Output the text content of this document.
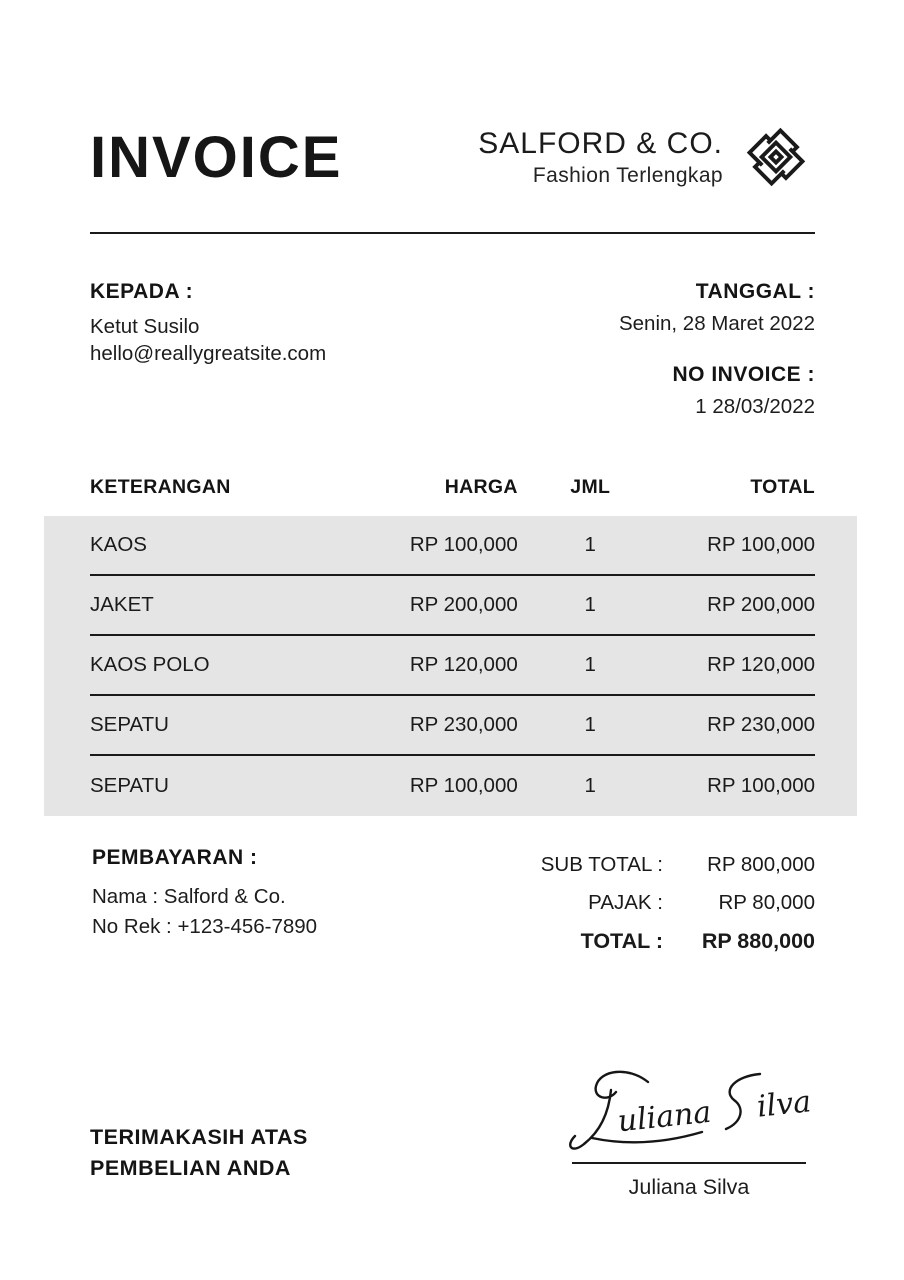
INVOICE	SALFORD & CO.
Fashion Terlengkap
KEPADA :
Ketut Susilo
hello@reallygreatsite.com
TANGGAL :
Senin, 28 Maret 2022
NO INVOICE :
1 28/03/2022
KETERANGAN	HARGA	JML	TOTAL
KAOS	RP 100,000	1	RP 100,000
JAKET	RP 200,000	1	RP 200,000
KAOS POLO	RP 120,000	1	RP 120,000
SEPATU	RP 230,000	1	RP 230,000
SEPATU	RP 100,000	1	RP 100,000
PEMBAYARAN :
Nama : Salford & Co.
No Rek : +123-456-7890
SUB TOTAL :	RP 800,000
PAJAK :	RP 80,000
TOTAL :	RP 880,000
TERIMAKASIH ATAS
PEMBELIAN ANDA
uliana ilva
Juliana Silva
